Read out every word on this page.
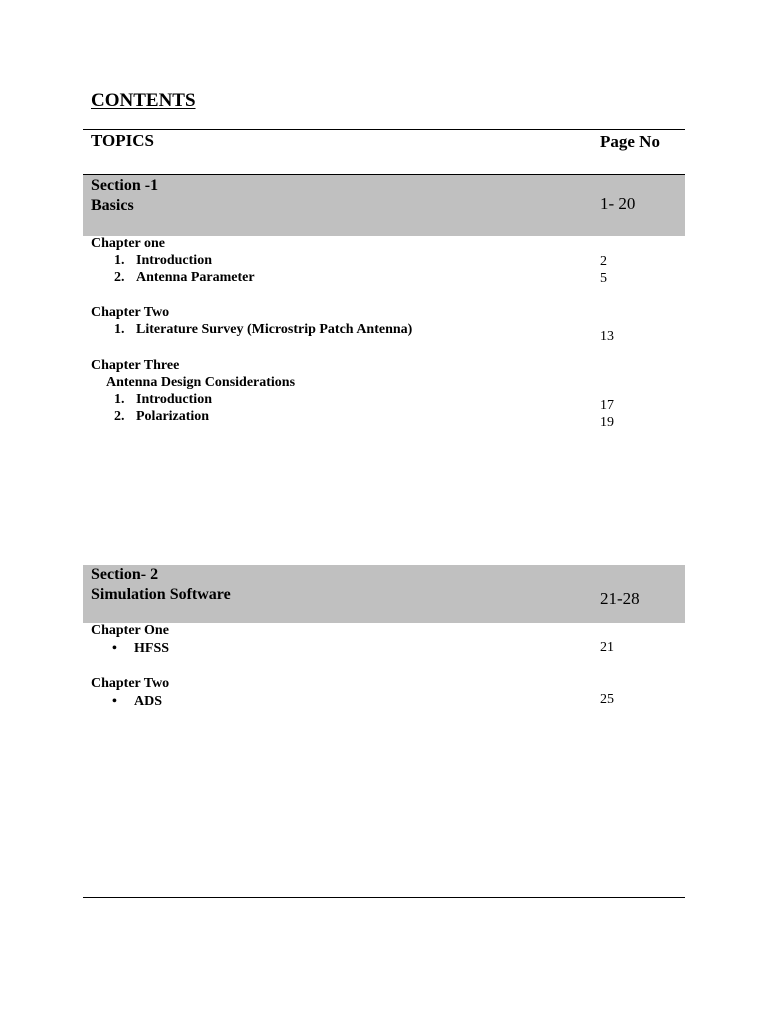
CONTENTS
TOPICS	Page No
Section -1
Basics	1- 20
Chapter one
1. Introduction	2
2. Antenna Parameter	5
Chapter Two
1. Literature Survey (Microstrip Patch Antenna)	13
Chapter Three
Antenna Design Considerations
1. Introduction	17
2. Polarization	19
Section- 2
Simulation Software	21-28
Chapter One
• HFSS	21
Chapter Two
• ADS	25
